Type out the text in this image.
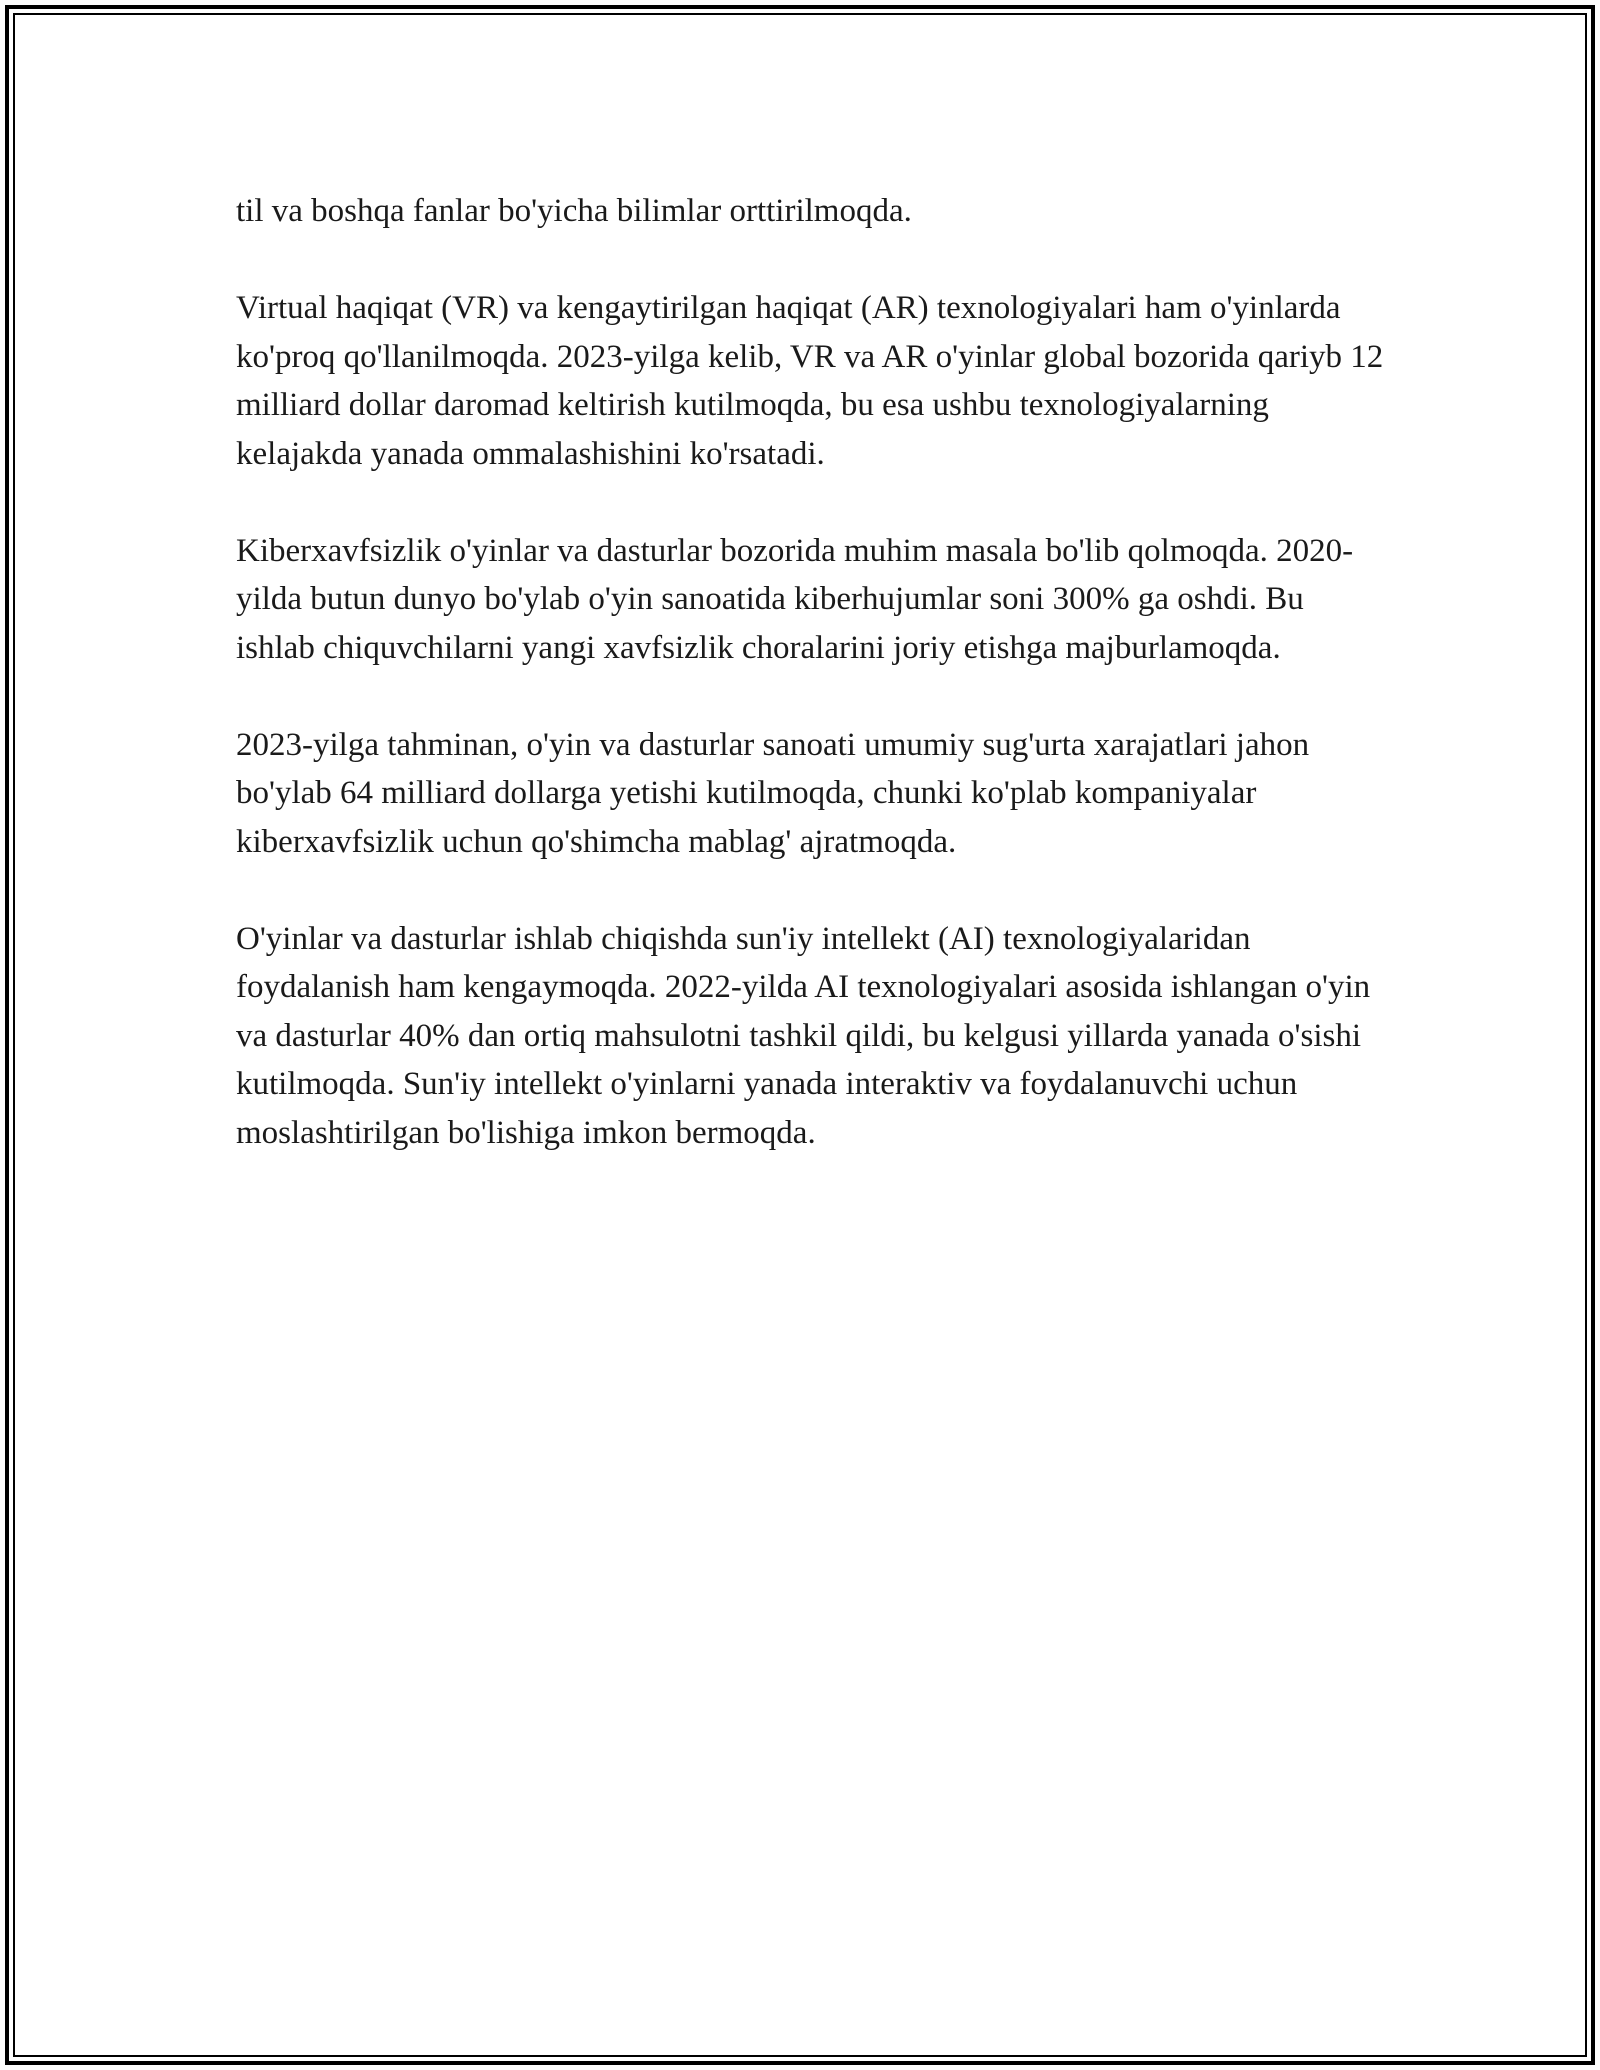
til va boshqa fanlar bo'yicha bilimlar orttirilmoqda.

Virtual haqiqat (VR) va kengaytirilgan haqiqat (AR) texnologiyalari ham o'yinlarda ko'proq qo'llanilmoqda. 2023-yilga kelib, VR va AR o'yinlar global bozorida qariyb 12 milliard dollar daromad keltirish kutilmoqda, bu esa ushbu texnologiyalarning kelajakda yanada ommalashishini ko'rsatadi.

Kiberxavfsizlik o'yinlar va dasturlar bozorida muhim masala bo'lib qolmoqda. 2020-yilda butun dunyo bo'ylab o'yin sanoatida kiberhujumlar soni 300% ga oshdi. Bu ishlab chiquvchilarni yangi xavfsizlik choralarini joriy etishga majburlamoqda.

2023-yilga tahminan, o'yin va dasturlar sanoati umumiy sug'urta xarajatlari jahon bo'ylab 64 milliard dollarga yetishi kutilmoqda, chunki ko'plab kompaniyalar kiberxavfsizlik uchun qo'shimcha mablag' ajratmoqda.

O'yinlar va dasturlar ishlab chiqishda sun'iy intellekt (AI) texnologiyalaridan foydalanish ham kengaymoqda. 2022-yilda AI texnologiyalari asosida ishlangan o'yin va dasturlar 40% dan ortiq mahsulotni tashkil qildi, bu kelgusi yillarda yanada o'sishi kutilmoqda. Sun'iy intellekt o'yinlarni yanada interaktiv va foydalanuvchi uchun moslashtirilgan bo'lishiga imkon bermoqda.
